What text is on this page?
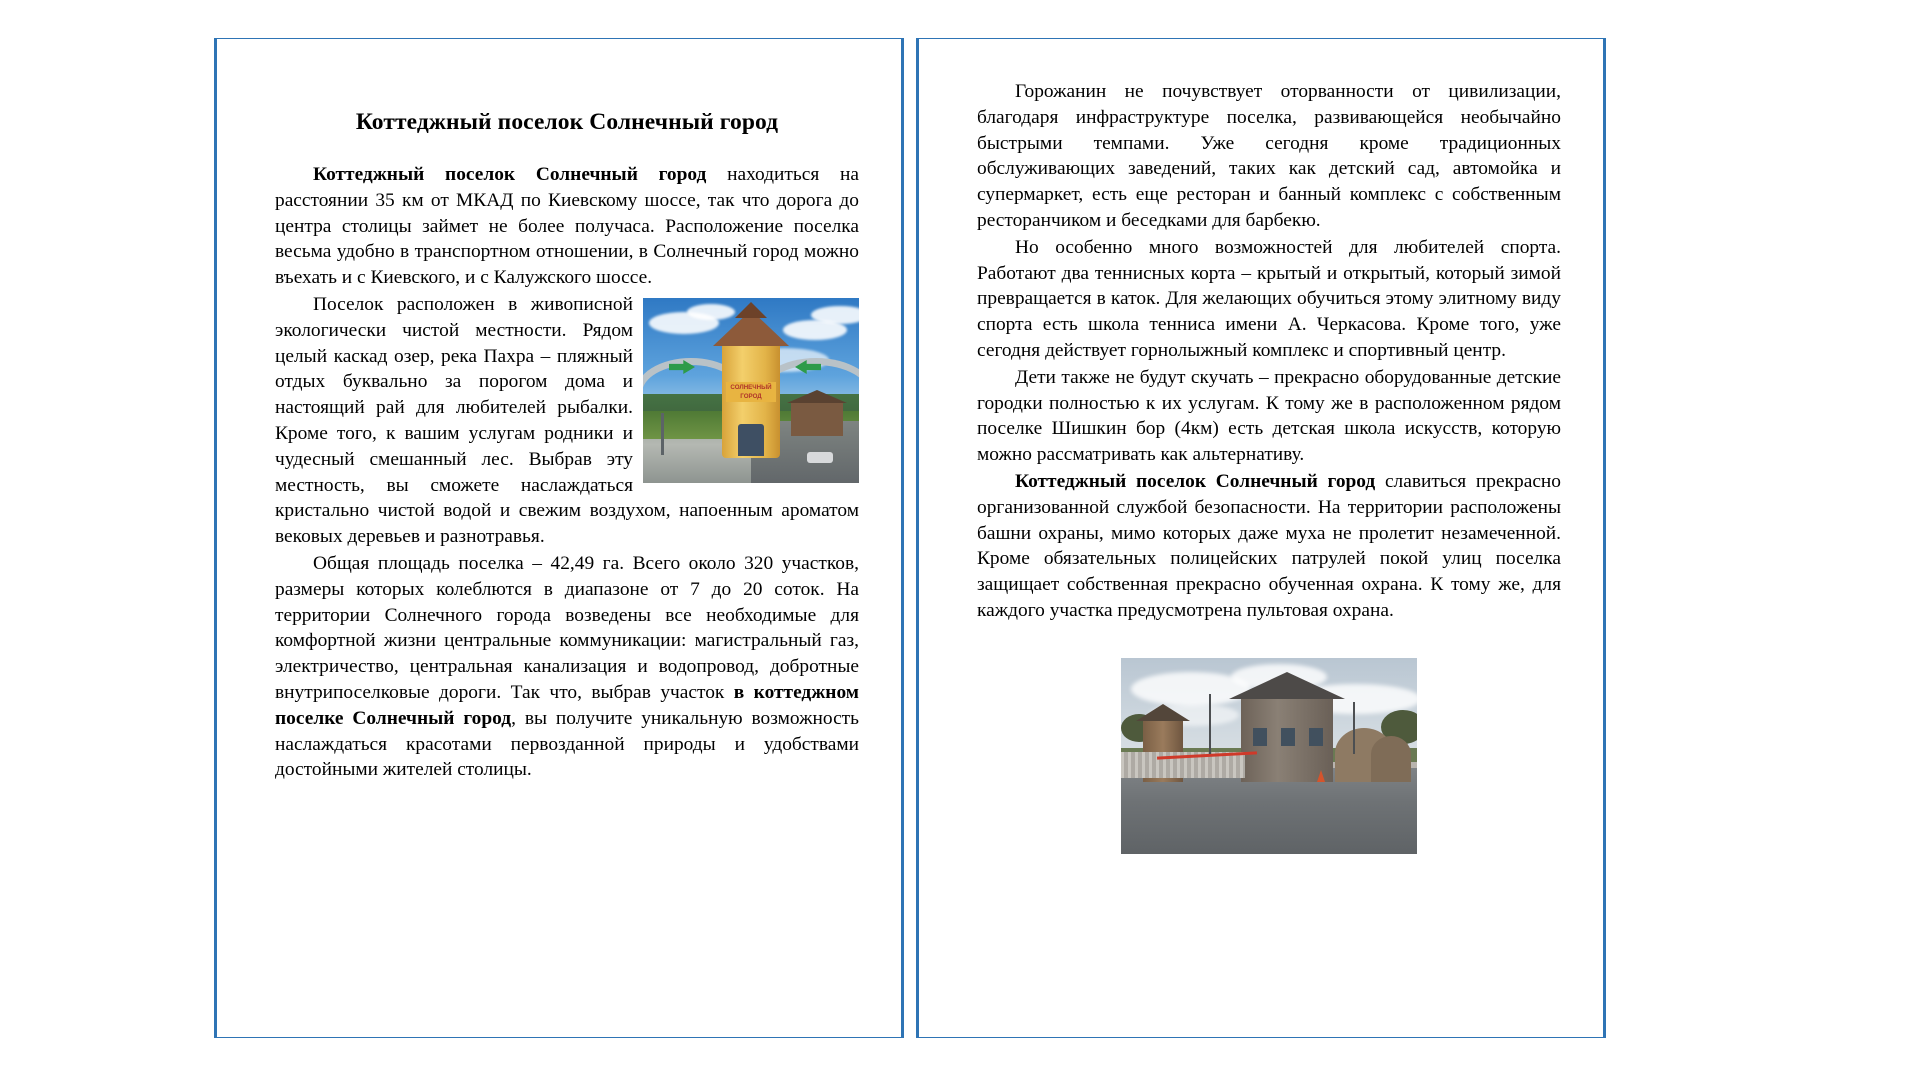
Коттеджный поселок Солнечный город

Коттеджный поселок Солнечный город находиться на расстоянии 35 км от МКАД по Киевскому шоссе, так что дорога до центра столицы займет не более получаса. Расположение поселка весьма удобно в транспортном отношении, в Солнечный город можно въехать и с Киевского, и с Калужского шоссе.

СОЛНЕЧНЫЙ ГОРОД

Поселок расположен в живописной экологически чистой местности. Рядом целый каскад озер, река Пахра – пляжный отдых буквально за порогом дома и настоящий рай для любителей рыбалки. Кроме того, к вашим услугам родники и чудесный смешанный лес. Выбрав эту местность, вы сможете наслаждаться кристально чистой водой и свежим воздухом, напоенным ароматом вековых деревьев и разнотравья.

Общая площадь поселка – 42,49 га. Всего около 320 участков, размеры которых колеблются в диапазоне от 7 до 20 соток. На территории Солнечного города возведены все необходимые для комфортной жизни центральные коммуникации: магистральный газ, электричество, центральная канализация и водопровод, добротные внутрипоселковые дороги. Так что, выбрав участок в коттеджном поселке Солнечный город, вы получите уникальную возможность наслаждаться красотами первозданной природы и удобствами достойными жителей столицы.

Горожанин не почувствует оторванности от цивилизации, благодаря инфраструктуре поселка, развивающейся необычайно быстрыми темпами. Уже сегодня кроме традиционных обслуживающих заведений, таких как детский сад, автомойка и супермаркет, есть еще ресторан и банный комплекс с собственным ресторанчиком и беседками для барбекю.

Но особенно много возможностей для любителей спорта. Работают два теннисных корта – крытый и открытый, который зимой превращается в каток. Для желающих обучиться этому элитному виду спорта есть школа тенниса имени А. Черкасова. Кроме того, уже сегодня действует горнолыжный комплекс и спортивный центр.

Дети также не будут скучать – прекрасно оборудованные детские городки полностью к их услугам. К тому же в расположенном рядом поселке Шишкин бор (4км) есть детская школа искусств, которую можно рассматривать как альтернативу.

Коттеджный поселок Солнечный город славиться прекрасно организованной службой безопасности. На территории расположены башни охраны, мимо которых даже муха не пролетит незамеченной. Кроме обязательных полицейских патрулей покой улиц поселка защищает собственная прекрасно обученная охрана. К тому же, для каждого участка предусмотрена пультовая охрана.
